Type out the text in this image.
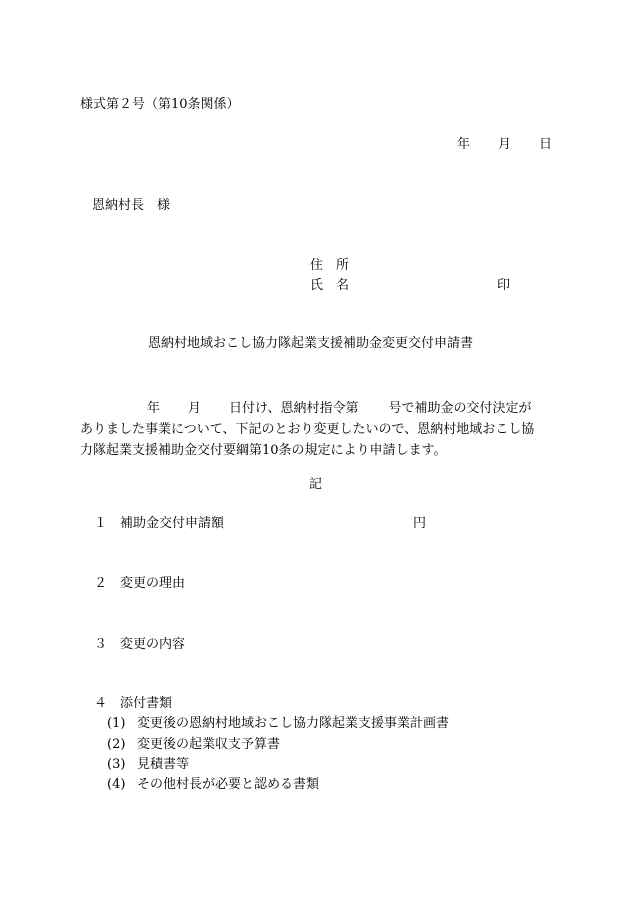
様式第２号（第10条関係）
年 月 日
恩納村長　様
住　所
氏　名	印
恩納村地域おこし協力隊起業支援補助金変更交付申請書
年 月 日付け、恩納村指令第 号で補助金の交付決定が
ありました事業について、下記のとおり変更したいので、恩納村地域おこし協
力隊起業支援補助金交付要綱第10条の規定により申請します。
記
１ 補助金交付申請額	円
２ 変更の理由
３ 変更の内容
４ 添付書類
(1) 変更後の恩納村地域おこし協力隊起業支援事業計画書
(2) 変更後の起業収支予算書
(3) 見積書等
(4) その他村長が必要と認める書類
